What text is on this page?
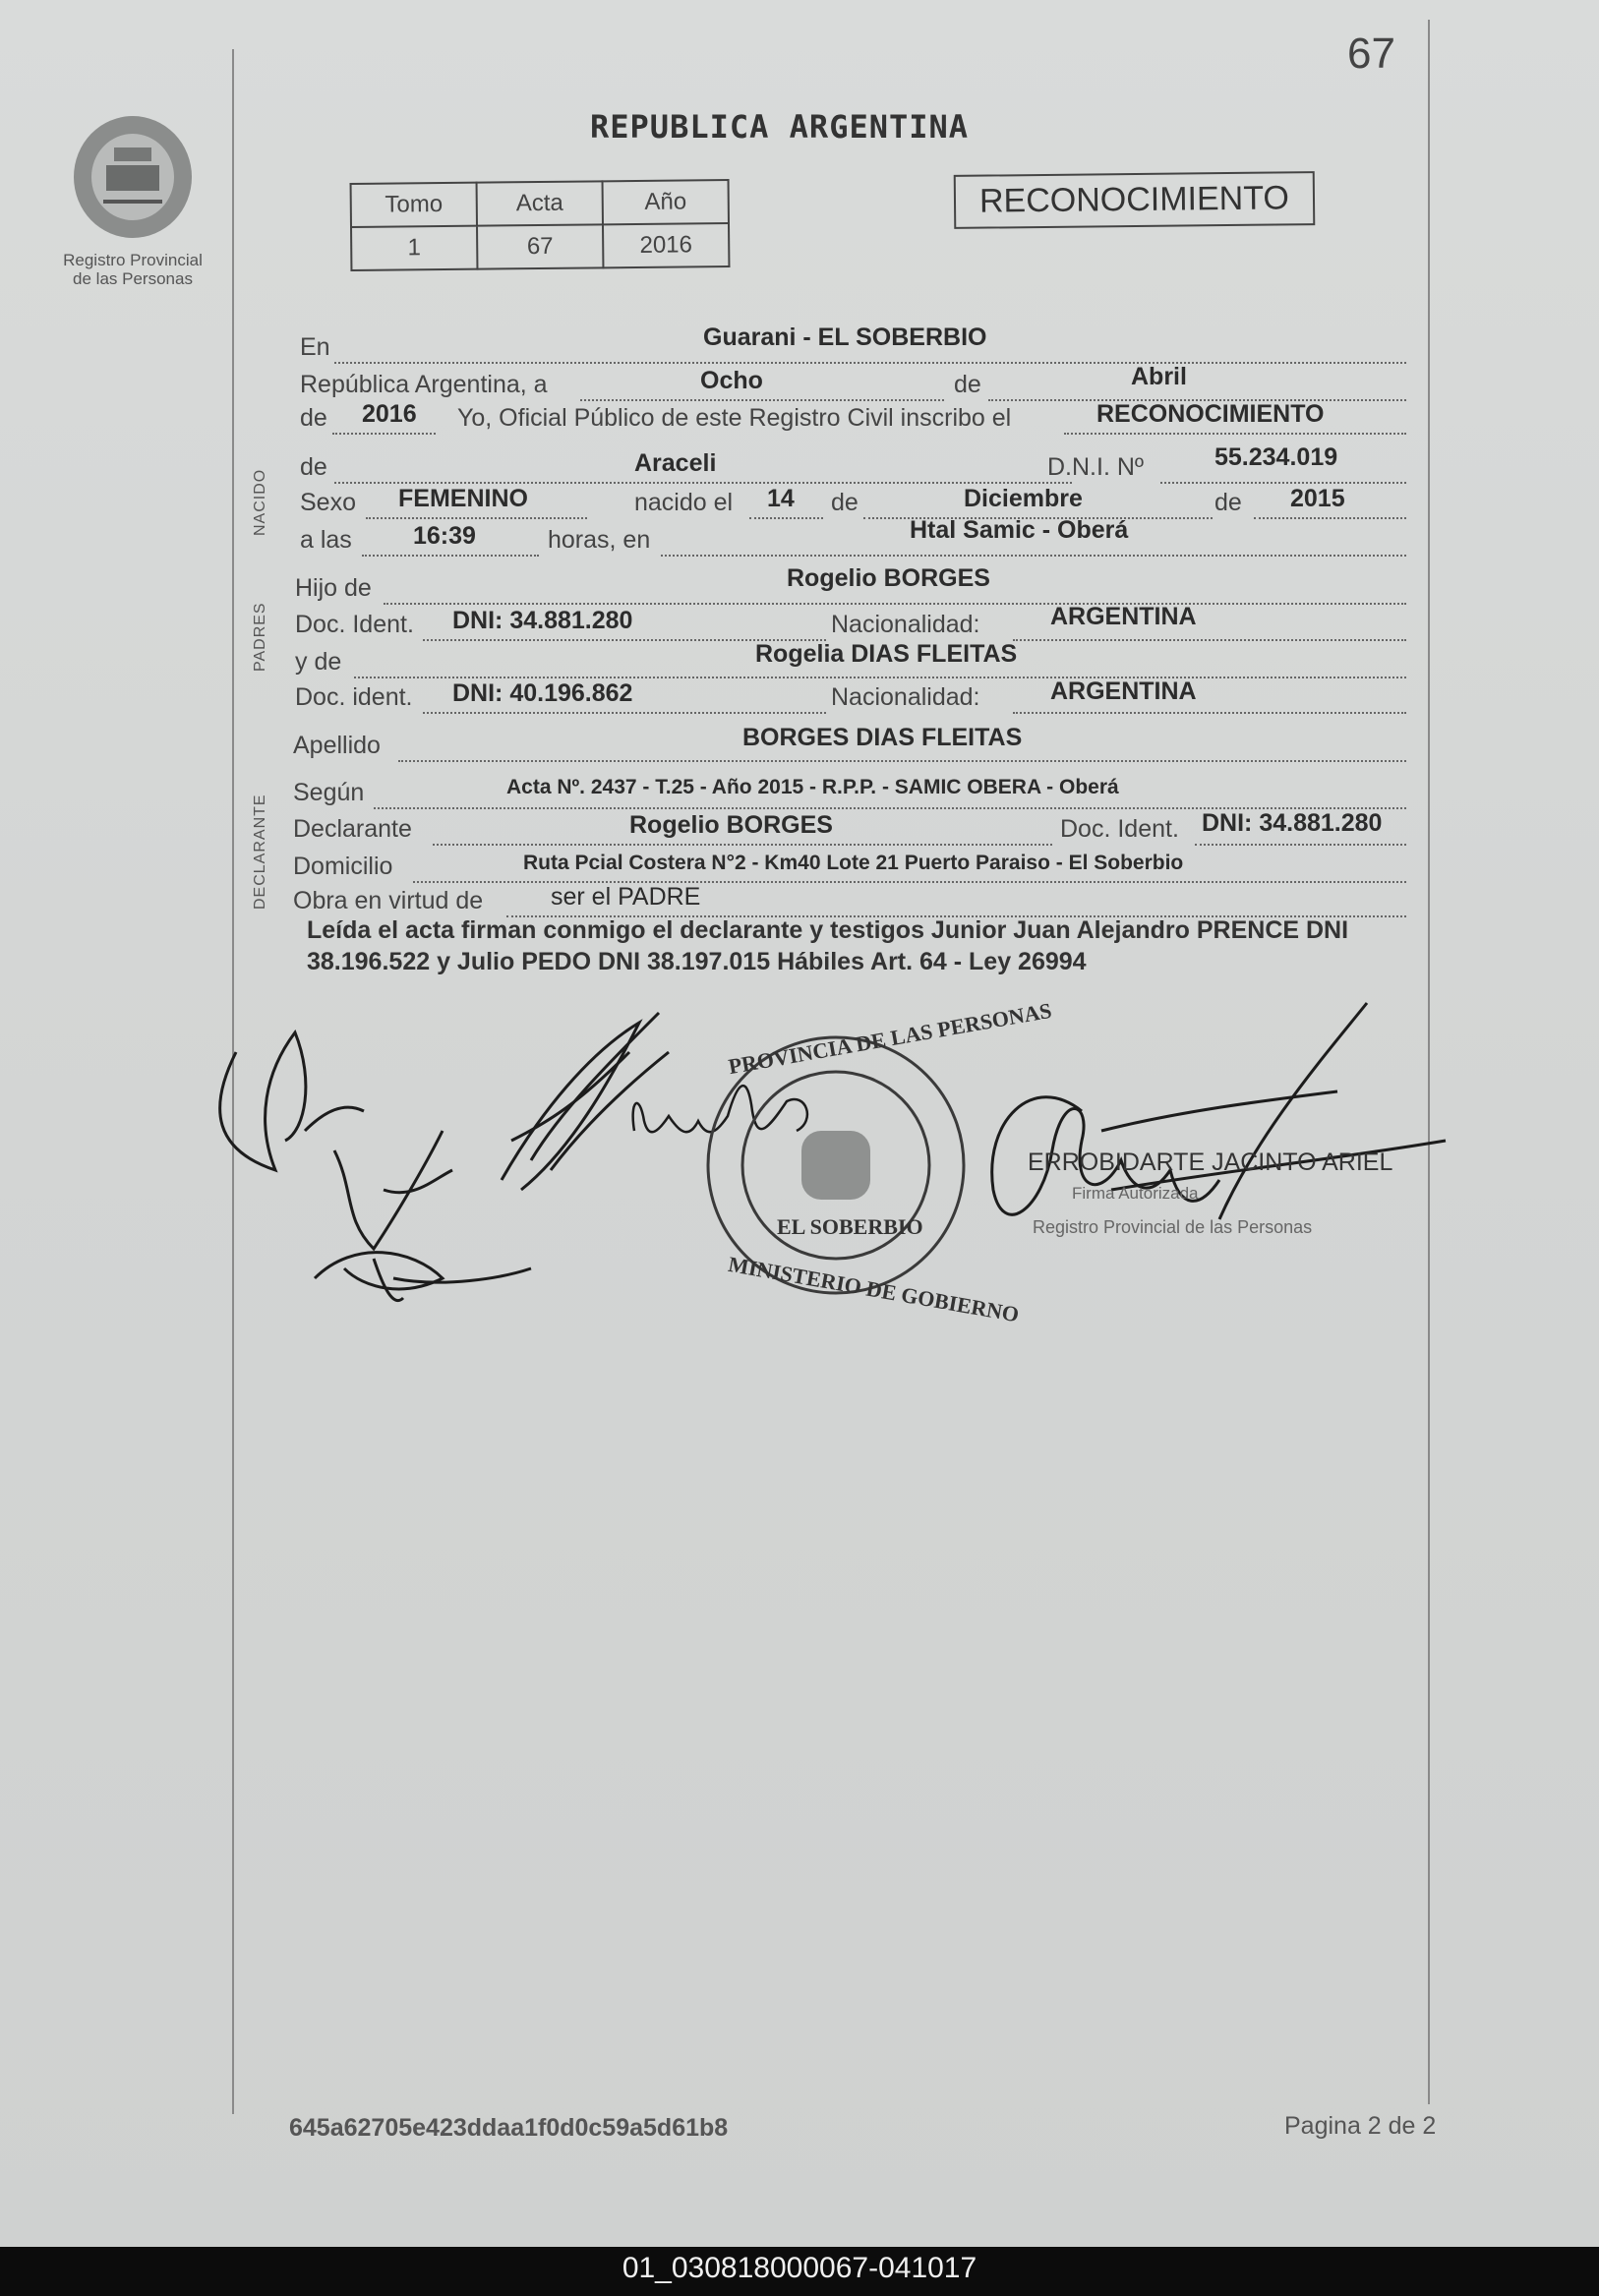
67
Registro Provincial
de las Personas
REPUBLICA ARGENTINA
Tomo	Acta	Año
1	67	2016
RECONOCIMIENTO
NACIDO
PADRES
DECLARANTE
En	Guarani - EL SOBERBIO
República Argentina, a	Ocho	de	Abril
de 2016 Yo, Oficial Público de este Registro Civil inscribo el	RECONOCIMIENTO
de	Araceli	D.N.I. Nº	55.234.019
Sexo FEMENINO	nacido el 14 de	Diciembre	de 2015
a las 16:39	horas, en	Htal Samic - Oberá
Hijo de	Rogelio BORGES
Doc. Ident. DNI: 34.881.280	Nacionalidad:	ARGENTINA
y de	Rogelia DIAS FLEITAS
Doc. ident. DNI: 40.196.862	Nacionalidad:	ARGENTINA
Apellido	BORGES DIAS FLEITAS
Según	Acta Nº. 2437 - T.25 - Año 2015 - R.P.P. - SAMIC OBERA - Oberá
Declarante	Rogelio BORGES	Doc. Ident. DNI: 34.881.280
Domicilio	Ruta Pcial Costera N°2 - Km40 Lote 21 Puerto Paraiso - El Soberbio
Obra en virtud de	ser el PADRE
Leída el acta firman conmigo el declarante y testigos Junior Juan Alejandro PRENCE DNI 38.196.522 y Julio PEDO DNI 38.197.015 Hábiles Art. 64 - Ley 26994
PROVINCIA DE LAS PERSONAS
MINISTERIO DE GOBIERNO
EL SOBERBIO
ERROBIDARTE JACINTO ARIEL
Firma Autorizada
Registro Provincial de las Personas
645a62705e423ddaa1f0d0c59a5d61b8	Pagina 2 de 2
01_030818000067-041017
